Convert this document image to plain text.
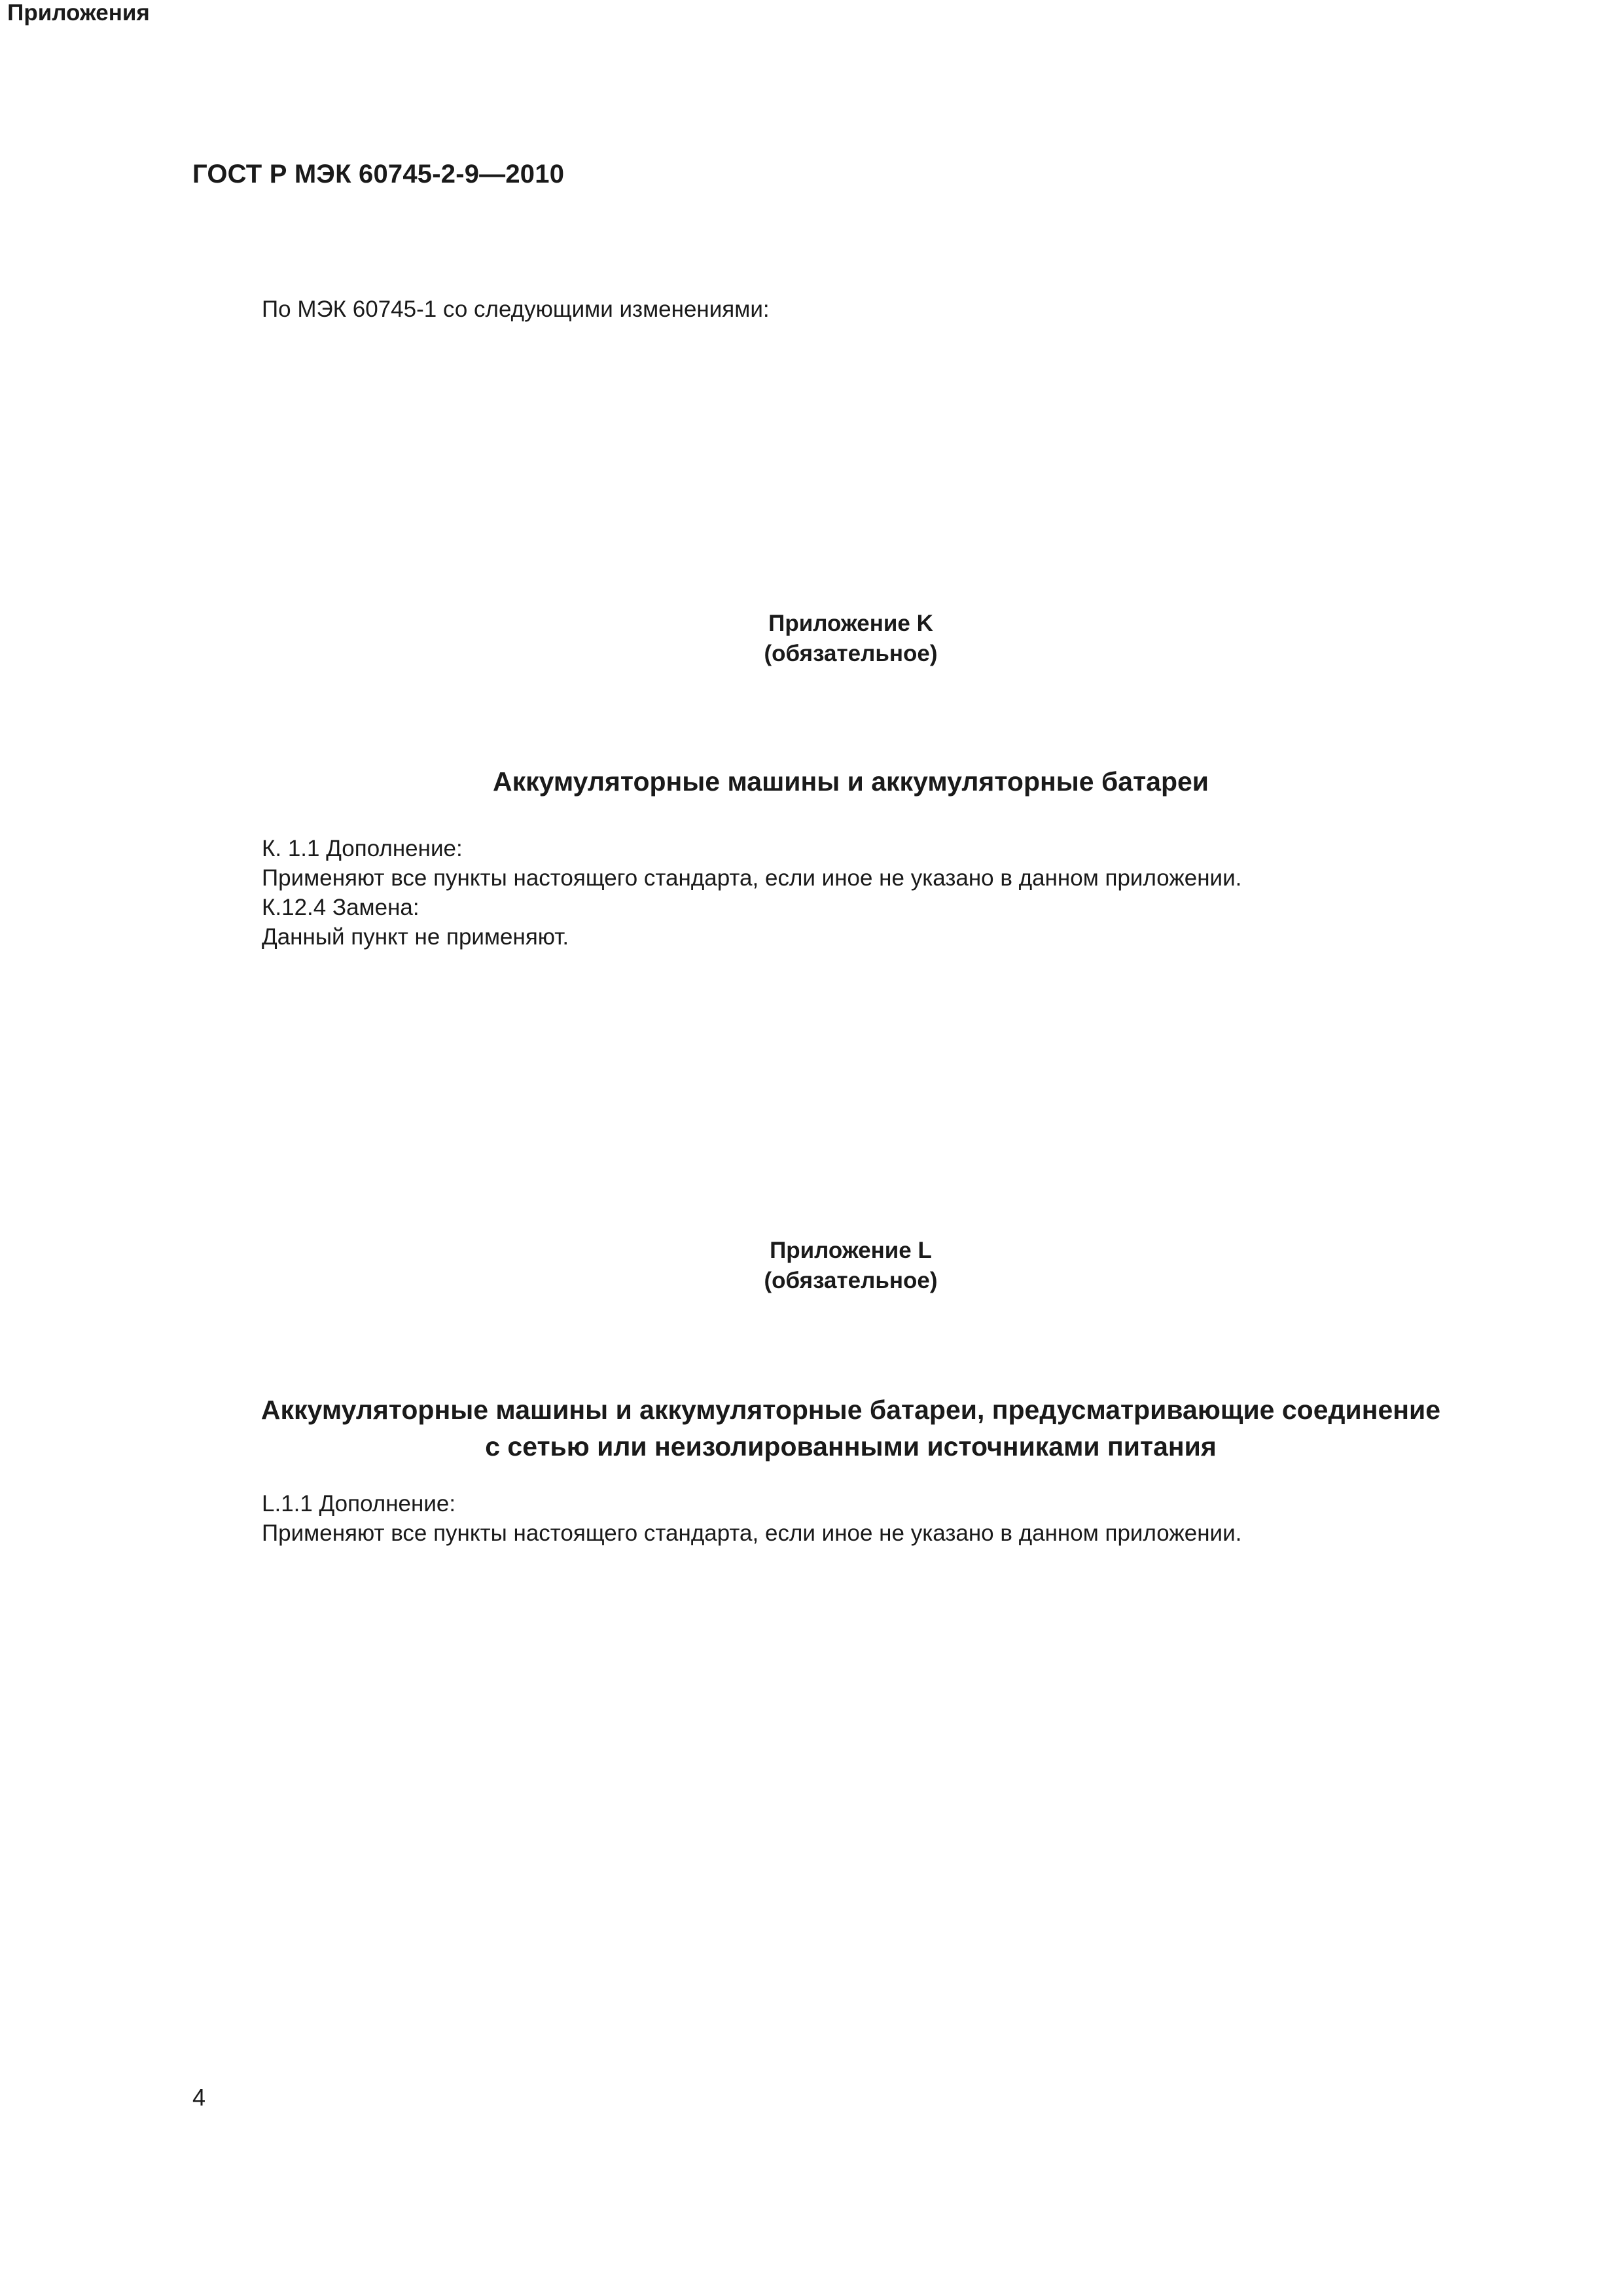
ГОСТ Р МЭК 60745-2-9—2010
Приложения
По МЭК 60745-1 со следующими изменениями:
Приложение K
(обязательное)
Аккумуляторные машины и аккумуляторные батареи

К. 1.1 Дополнение:

Применяют все пункты настоящего стандарта, если иное не указано в данном приложении.

К.12.4 Замена:

Данный пункт не применяют.

Приложение L
(обязательное)
Аккумуляторные машины и аккумуляторные батареи, предусматривающие соединение
с сетью или неизолированными источниками питания

L.1.1 Дополнение:

Применяют все пункты настоящего стандарта, если иное не указано в данном приложении.

4
